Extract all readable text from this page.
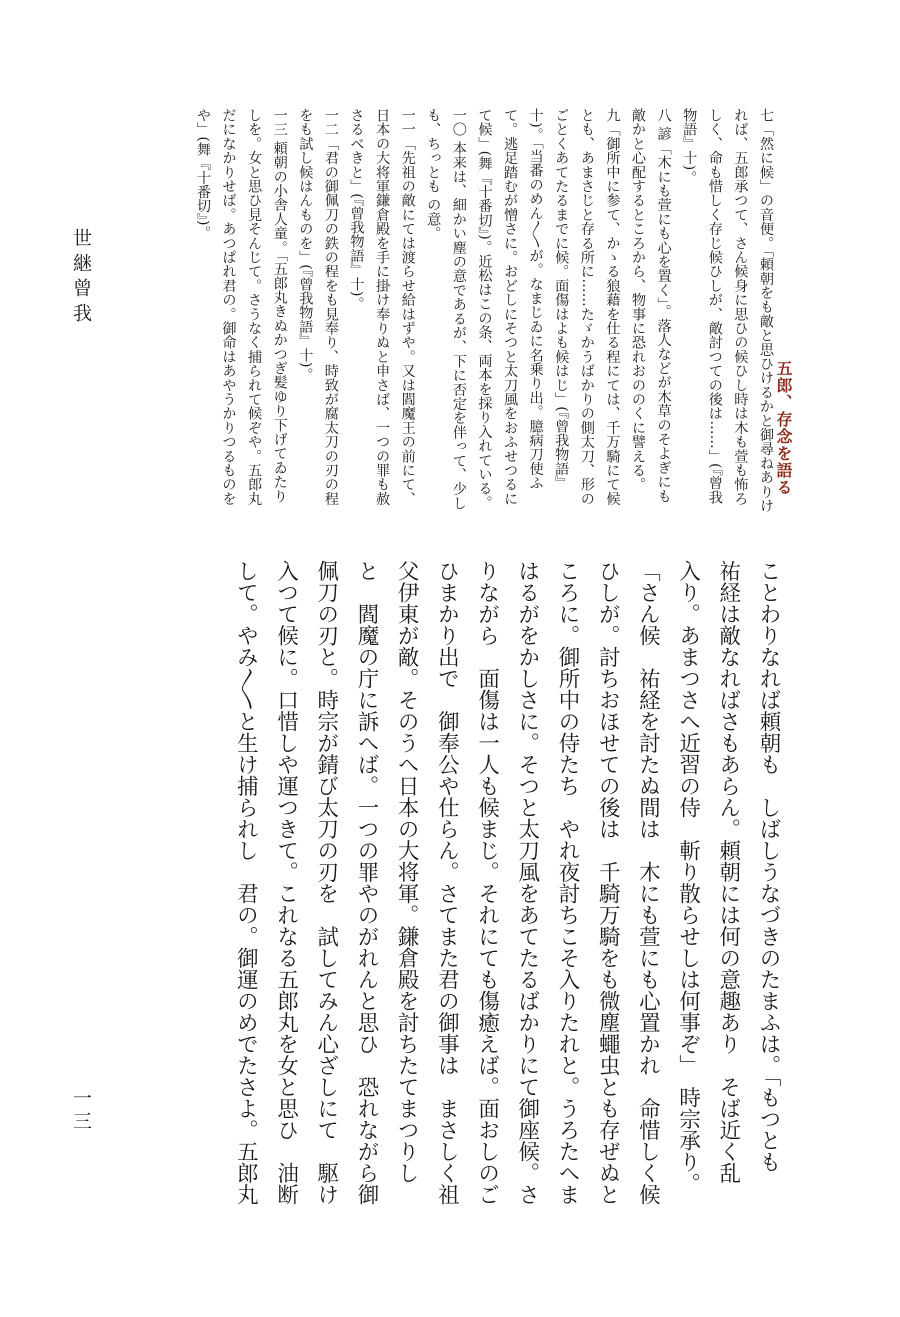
世継曾我
一三
五郎、存念を語る

七「然に候」の音便。「頼朝をも敵と思ひけるかと御尋ねありければ、五郎承つて、さん候身に思ひの候ひし時は木も萱も怖ろしく、命も惜しく存じ候ひしが、敵討つての後は……」(『曾我物語』十)。

八 諺「木にも萱にも心を置く」。落人などが木草のそよぎにも敵かと心配するところから、物事に恐れおののくに譬える。

九「御所中に参て、かゝる狼藉を仕る程にては、千万騎にて候とも、あまさじと存る所に……たゞかうばかりの側太刀、形のごとくあてたるまでに候。面傷はよも候はじ」(『曾我物語』十)。「当番のめん〳〵が。なまじゐに名乗り出。臆病刀使ふて。逃足踏むが憎さに。おどしにそつと太刀風をおふせつるにて候」(舞『十番切』)。近松はこの条、両本を採り入れている。

一〇 本来は、細かい塵の意であるが、下に否定を伴って、少しも、ちっとも の意。

一一「先祖の敵にては渡らせ給はずや。又は閻魔王の前にて、日本の大将軍鎌倉殿を手に掛け奉りぬと申さば、一つの罪も赦さるべきと」(『曾我物語』十)。

一二「君の御佩刀の鉄の程をも見奉り、時致が腐太刀の刃の程をも試し候はんものを」(『曾我物語』十)。

一三 頼朝の小舎人童。「五郎丸きぬかつぎ髪ゆり下げてゐたりしを。女と思ひ見そんじて。さうなく捕られて候ぞや。五郎丸だになかりせば。あつぱれ君の。御命はあやうかりつるものをや」(舞『十番切』)。

ことわりなれば頼朝も　しばしうなづきのたまふは。「もつとも

祐経は敵なればさもあらん。頼朝には何の意趣あり　そば近く乱

入り。あまつさへ近習の侍　斬り散らせしは何事ぞ」　時宗承り。

「さん候　祐経を討たぬ間は　木にも萱にも心置かれ　命惜しく候

ひしが。討ちおほせての後は　千騎万騎をも微塵蠅虫とも存ぜぬと

ころに。御所中の侍たち　やれ夜討ちこそ入りたれと。うろたへま

はるがをかしさに。そつと太刀風をあてたるばかりにて御座候。さ

りながら　面傷は一人も候まじ。それにても傷癒えば。面おしのご

ひまかり出で　御奉公や仕らん。さてまた君の御事は　まさしく祖

父伊東が敵。そのうへ日本の大将軍。鎌倉殿を討ちたてまつりし

と　閻魔の庁に訴へば。一つの罪やのがれんと思ひ　恐れながら御

佩刀の刃と。時宗が錆び太刀の刃を　試してみん心ざしにて　駆け

入つて候に。口惜しや運つきて。これなる五郎丸を女と思ひ　油断

して。やみ〳〵と生け捕られし　君の。御運のめでたさよ。五郎丸
